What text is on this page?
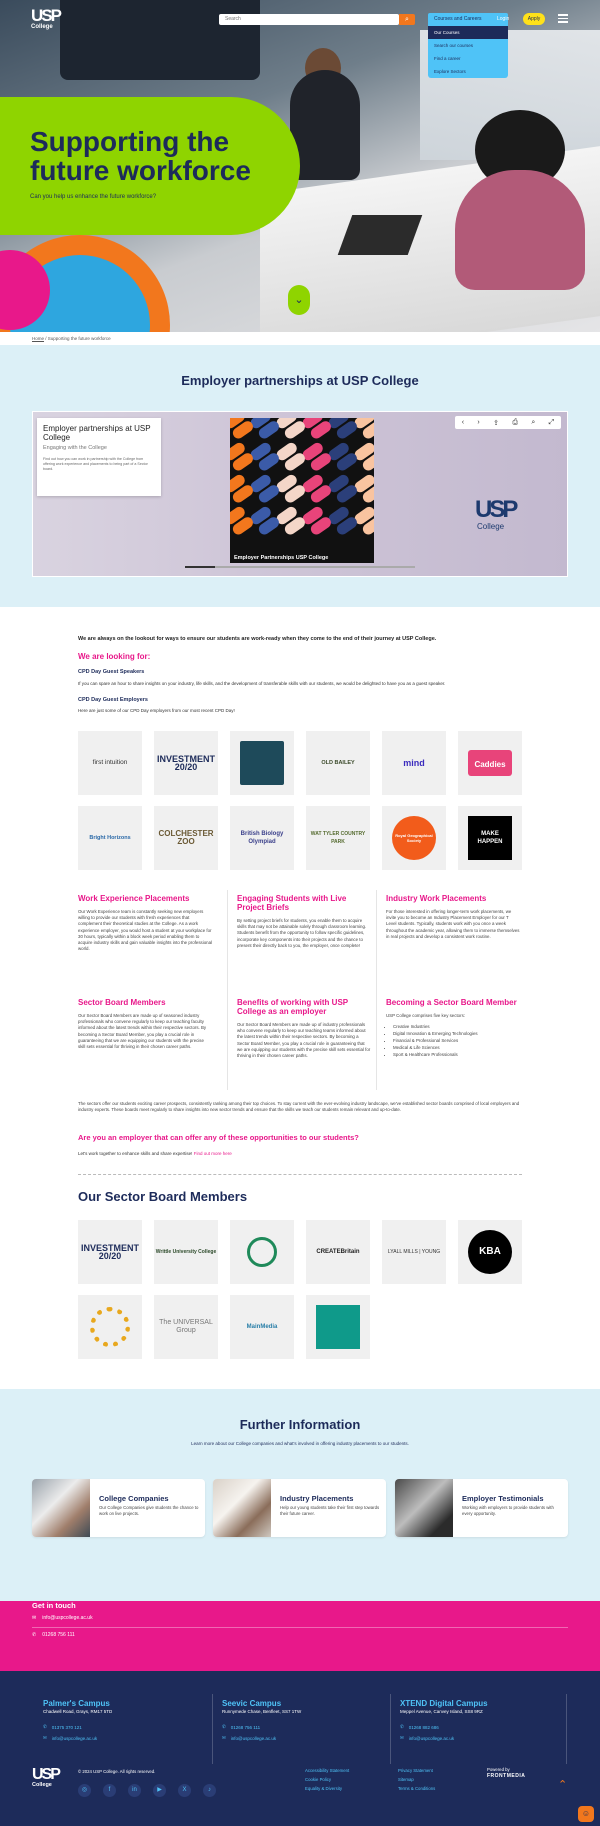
Supporting the future workforce
Can you help us enhance the future workforce?
⌄
USP
College
Search
⌕	Courses and Careers
Our Courses
Search our courses
Find a career
Explore Sectors
Login	Apply
Home / Supporting the future workforce
Employer partnerships at USP College
Employer partnerships at USP College
Engaging with the College
Find out how you can work in partnership with the College from offering work experience and placements to being part of a Sector board.
Employer Partnerships USP College
‹ › ⇪ ⎙ ⌕ ⤢
USP
College
We are always on the lookout for ways to ensure our students are work-ready when they come to the end of their journey at USP College.
We are looking for:
CPD Day Guest Speakers
If you can spare an hour to share insights on your industry, life skills, and the development of transferable skills with our students, we would be delighted to have you as a guest speaker.
CPD Day Guest Employers
Here are just some of our CPD Day employers from our most recent CPD Day!
first intuition	INVESTMENT 20/20	OLD BAILEY	mind	Caddies
Bright Horizons	COLCHESTER ZOO
British Biology Olympiad
WAT TYLER COUNTRY PARK
Royal Geographical Society
MAKE HAPPEN
Work Experience Placements

Our Work Experience team is constantly seeking new employers willing to provide our students with fresh experiences that complement their theoretical studies at the College. As a work experience employer, you would host a student at your workplace for 30 hours, typically within a block week period enabling them to acquire industry skills and gain valuable insights into the professional world.

Engaging Students with Live Project Briefs

By setting project briefs for students, you enable them to acquire skills that may not be attainable solely through classroom learning. Students benefit from the opportunity to follow specific guidelines, incorporate key components into their projects and the chance to present their directly back to you, the employer, once complete!

Industry Work Placements

For those interested in offering longer-term work placements, we invite you to become an Industry Placement Employer for our T Level students. Typically, students work with you once a week throughout the academic year, allowing them to immerse themselves in real projects and develop a consistent work routine.

Sector Board Members

Our Sector Board Members are made up of seasoned industry professionals who convene regularly to keep our teaching faculty informed about the latest trends within their respective sectors. By becoming a Sector Board Member, you play a crucial role in guaranteeing that we are equipping our students with the precise skill sets essential for thriving in their chosen career paths.

Benefits of working with USP College as an employer

Our Sector Board Members are made up of industry professionals who convene regularly to keep our teaching teams informed about the latest trends within their respective sectors. By becoming a Sector Board Member, you play a crucial role in guaranteeing that we are equipping our students with the precise skill sets essential for thriving in their chosen career paths.

Becoming a Sector Board Member

USP College comprises five key sectors:

• Creative Industries
• Digital Innovation & Emerging Technologies
• Financial & Professional Services
• Medical & Life Sciences
• Sport & Healthcare Professionals
The sectors offer our students exciting career prospects, consistently ranking among their top choices. To stay current with the ever-evolving industry landscape, we've established sector boards comprised of local employers and industry experts. These boards meet regularly to share insights into new sector trends and ensure that the skills we teach our students remain relevant and up-to-date.
Are you an employer that can offer any of these opportunities to our students?
Let's work together to enhance skills and share expertise! Find out more here
Our Sector Board Members
INVESTMENT 20/20	Writtle University College	CREATEBritain	LYALL MILLS | YOUNG	KBA
The UNIVERSAL Group	MainMedia
Further Information
Learn more about our College companies and what's involved in offering industry placements to our students.
College Companies
Our College Companies give students the chance to work on live projects.
Industry Placements
Help our young students take their first step towards their future career.
Employer Testimonials
Working with employers to provide students with every opportunity.
Get in touch
✉ info@uspcollege.ac.uk
✆ 01268 756 111
Palmer's Campus
Chadwell Road, Grays, RM17 5TD
✆ 01375 370 121
✉ info@uspcollege.ac.uk
Seevic Campus
Runnymede Chase, Benfleet, SS7 1TW
✆ 01268 756 111
✉ info@uspcollege.ac.uk
XTEND Digital Campus
Meppel Avenue, Canvey Island, SS8 9RZ
✆ 01268 882 686
✉ info@uspcollege.ac.uk
USP
College
© 2024 USP College. All rights reserved.
◎	f	in	▶	X	♪
Accessibility Statement
Cookie Policy
Equality & Diversity
Privacy Statement
Sitemap
Terms & Conditions
Powered by
FRONTMEDIA
⌃
☺
